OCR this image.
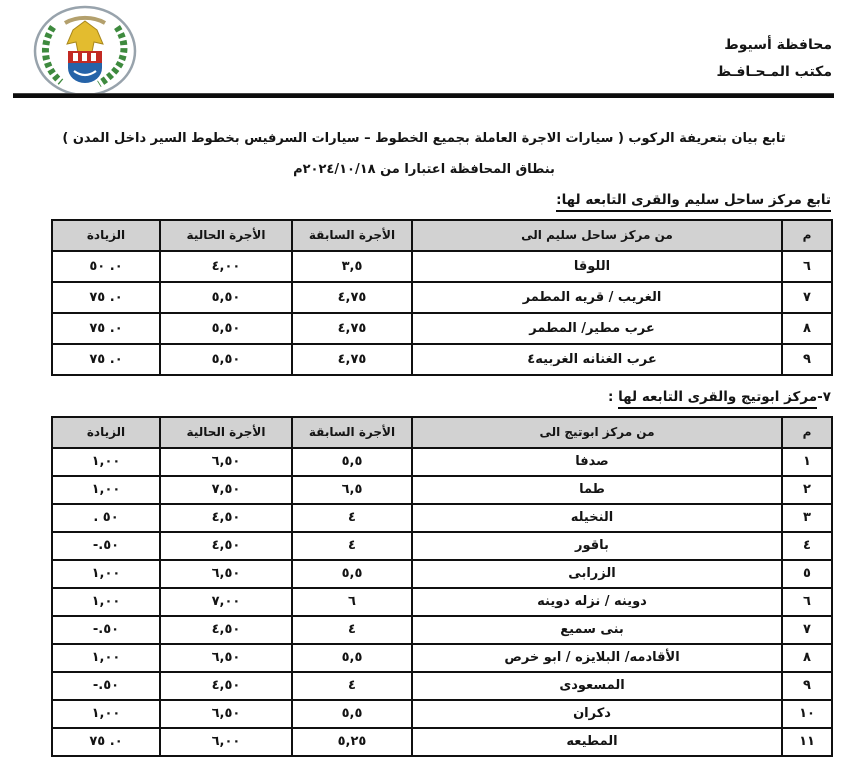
محافظة أسيوط
مكتب المـحـافـظ
تابع بيان بتعريفة الركوب ( سيارات الاجرة العاملة بجميع الخطوط – سيارات السرفيس بخطوط السير داخل المدن )
بنطاق المحافظة اعتبارا من ٢٠٢٤/١٠/١٨م
تابع مركز ساحل سليم والقرى التابعه لها:
م	من مركز ساحل سليم الى	الأجرة السابقة	الأجرة الحالية	الزيادة
٦	اللوقا	٣,٥	٤,٠٠	٠. ٥٠
٧	الغريب / قريه المطمر	٤,٧٥	٥,٥٠	٠. ٧٥
٨	عرب مطير/ المطمر	٤,٧٥	٥,٥٠	٠. ٧٥
٩	عرب الغنانه الغربيه٤	٤,٧٥	٥,٥٠	٠. ٧٥
٧-مركز ابوتيج والقرى التابعه لها :
م	من مركز ابوتيج الى	الأجرة السابقة	الأجرة الحالية	الزيادة
١	صدفا	٥,٥	٦,٥٠	١,٠٠
٢	طما	٦,٥	٧,٥٠	١,٠٠
٣	النخيله	٤	٤,٥٠	. ٥٠
٤	باقور	٤	٤,٥٠	-.٥٠
٥	الزرابى	٥,٥	٦,٥٠	١,٠٠
٦	دوينه / نزله دوينه	٦	٧,٠٠	١,٠٠
٧	بنى سميع	٤	٤,٥٠	-.٥٠
٨	الأقادمه/ البلايزه / ابو خرص	٥,٥	٦,٥٠	١,٠٠
٩	المسعودى	٤	٤,٥٠	-.٥٠
١٠	دكران	٥,٥	٦,٥٠	١,٠٠
١١	المطيعه	٥,٢٥	٦,٠٠	٠. ٧٥
